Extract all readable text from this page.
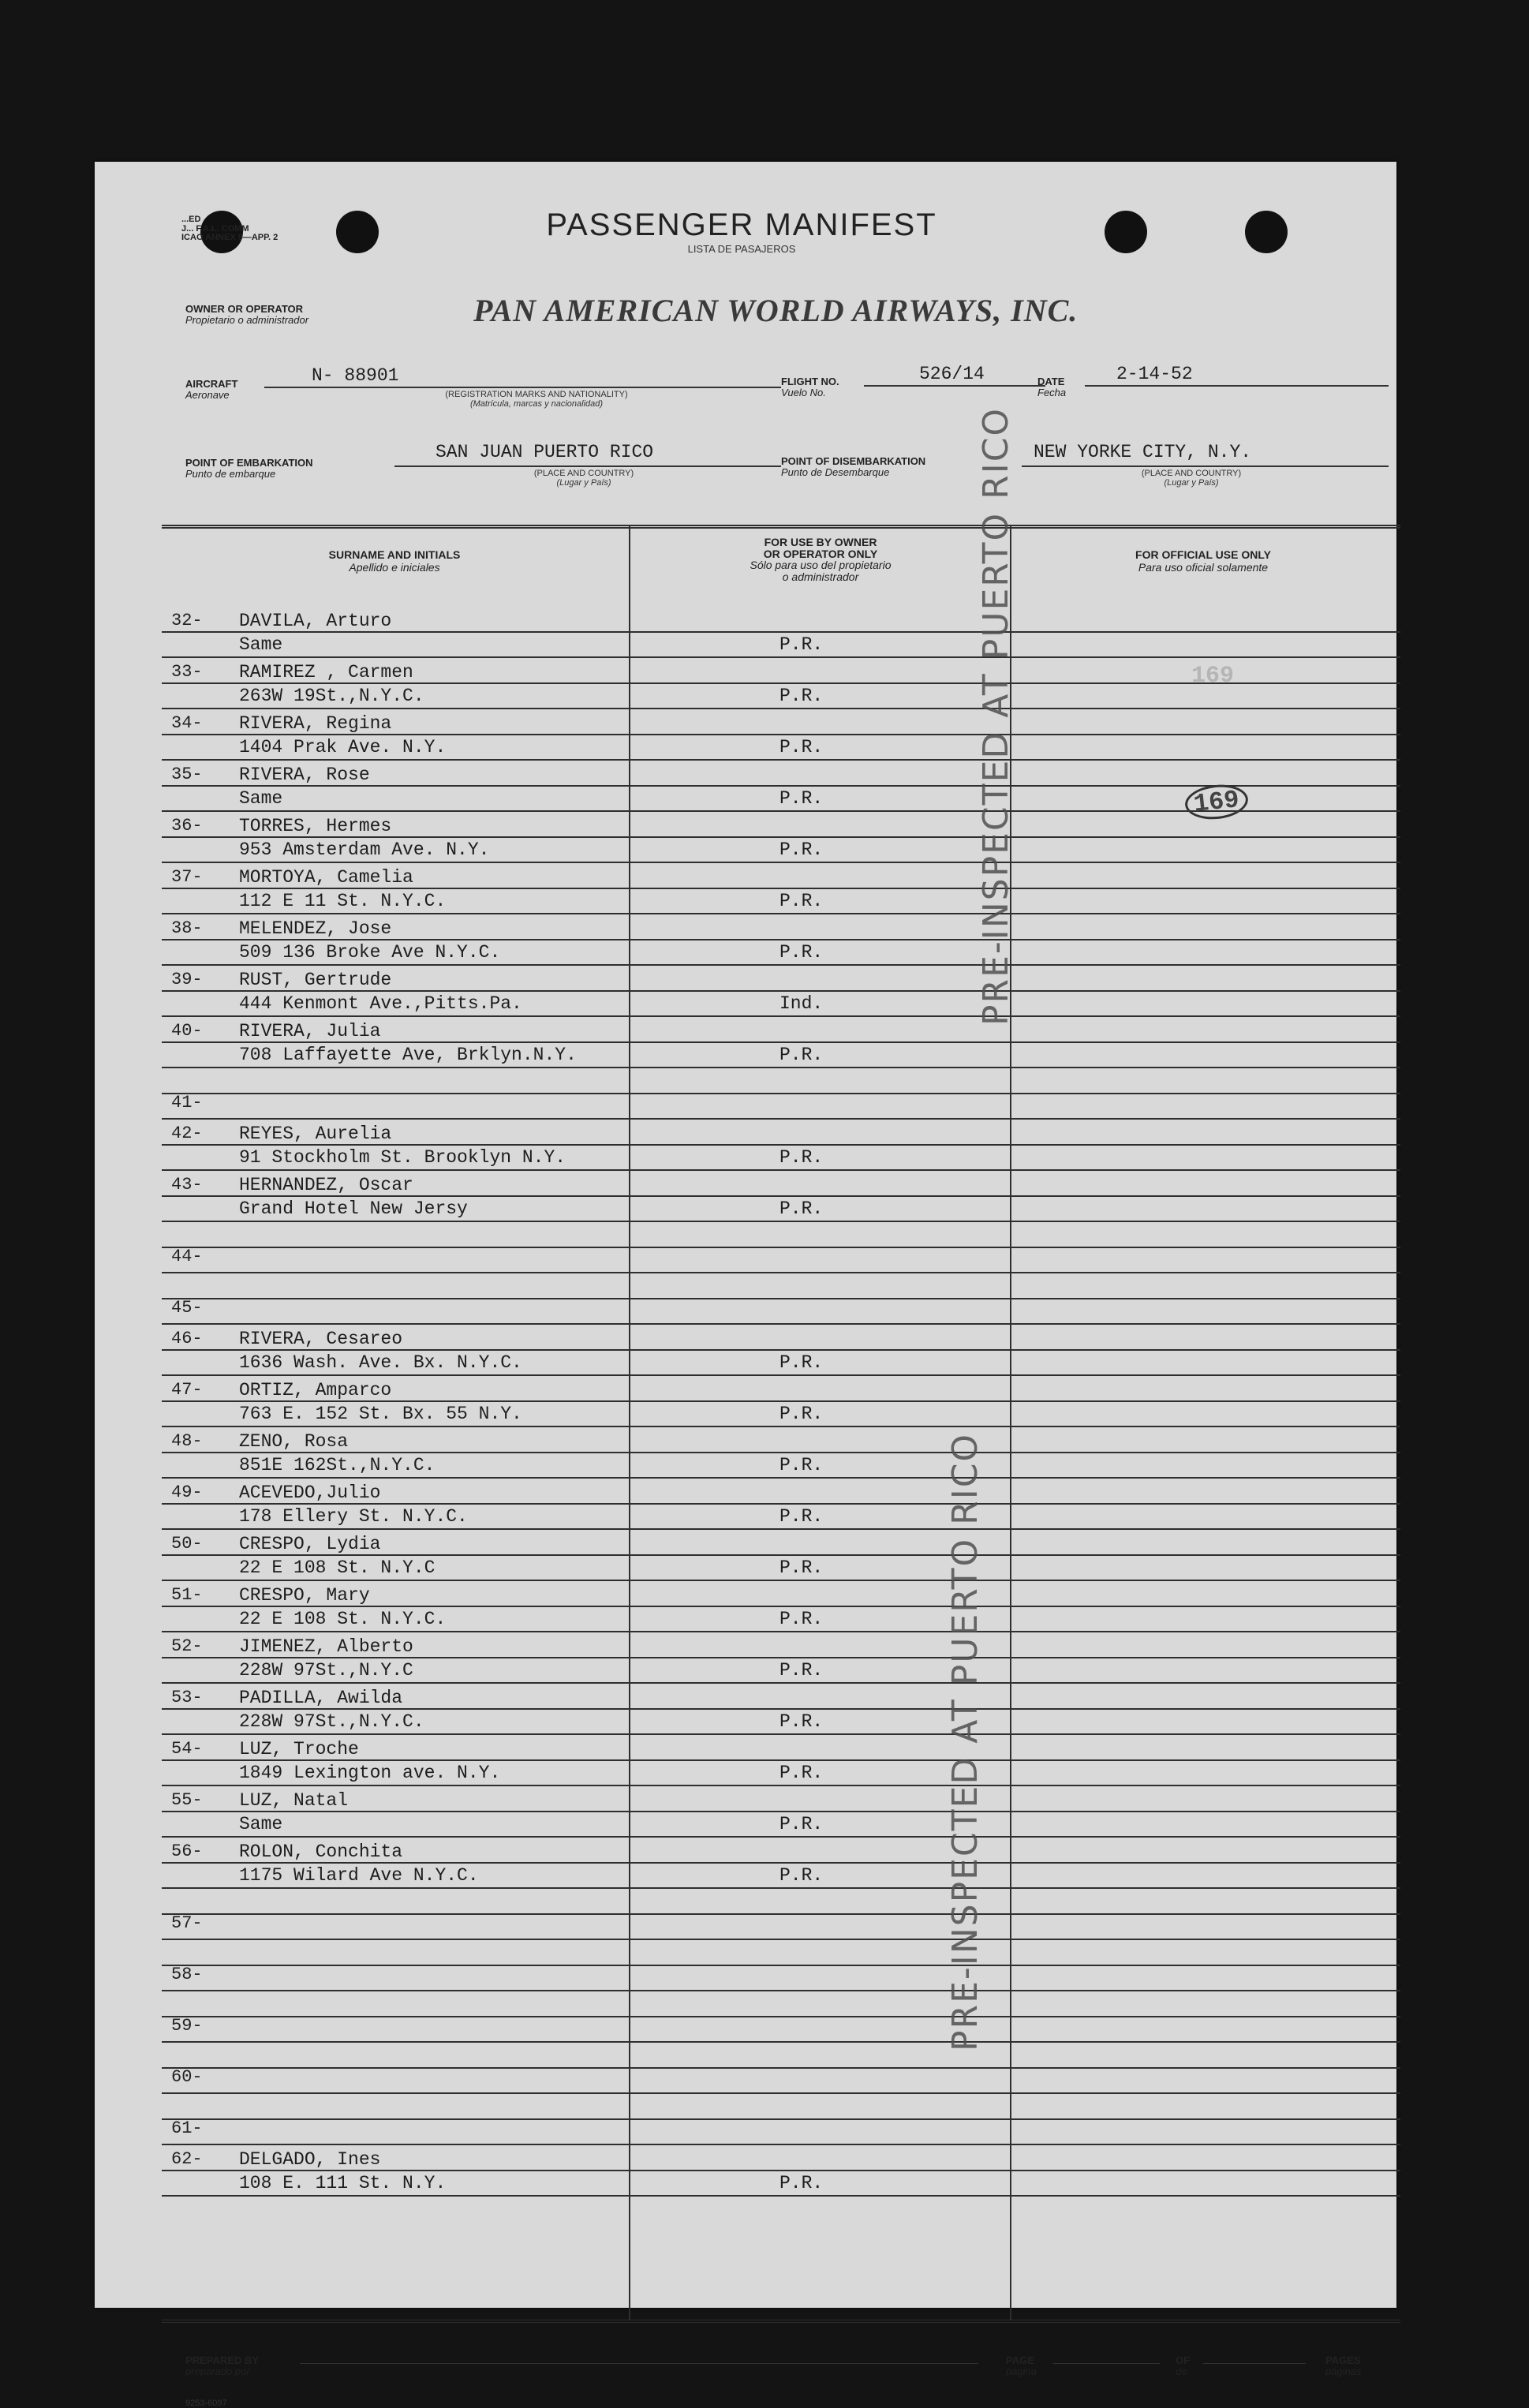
...ED
J... F.A.L. COMM
ICAO ANNEX 9—APP. 2	PASSENGER MANIFEST
LISTA DE PASAJEROS
OWNER OR OPERATOR
Propietario o administrador	PAN AMERICAN WORLD AIRWAYS, INC.
AIRCRAFT
Aeronave
N- 88901
(REGISTRATION MARKS AND NATIONALITY)
(Matrícula, marcas y nacionalidad)
FLIGHT NO.
Vuelo No.
526/14	DATE
Fecha
2-14-52
POINT OF EMBARKATION
Punto de embarque
SAN JUAN PUERTO RICO
(PLACE AND COUNTRY)
(Lugar y País)
POINT OF DISEMBARKATION
Punto de Desembarque
NEW YORKE CITY, N.Y.
(PLACE AND COUNTRY)
(Lugar y País)
SURNAME AND INITIALS
Apellido e iniciales
FOR USE BY OWNER
OR OPERATOR ONLY
Sólo para uso del propietario
o administrador
FOR OFFICIAL USE ONLY
Para uso oficial solamente
32- DAVILA, Arturo
Same	P.R.
33- RAMIREZ , Carmen
263W 19St.,N.Y.C.	P.R.
34- RIVERA, Regina
1404 Prak Ave. N.Y.	P.R.
35- RIVERA, Rose
Same	P.R.
36- TORRES, Hermes
953 Amsterdam Ave. N.Y.	P.R.
37- MORTOYA, Camelia
112 E 11 St. N.Y.C.	P.R.
38- MELENDEZ, Jose
509 136 Broke Ave N.Y.C.	P.R.
39- RUST, Gertrude
444 Kenmont Ave.,Pitts.Pa.	Ind.
40- RIVERA, Julia
708 Laffayette Ave, Brklyn.N.Y.	P.R.
41-
42- REYES, Aurelia
91 Stockholm St. Brooklyn N.Y.	P.R.
43- HERNANDEZ, Oscar
Grand Hotel New Jersy	P.R.
44-
45-
46- RIVERA, Cesareo
1636 Wash. Ave. Bx. N.Y.C.	P.R.
47- ORTIZ, Amparco
763 E. 152 St. Bx. 55 N.Y.	P.R.
48- ZENO, Rosa
851E 162St.,N.Y.C.	P.R.
49- ACEVEDO,Julio
178 Ellery St. N.Y.C.	P.R.
50- CRESPO, Lydia
22 E 108 St. N.Y.C	P.R.
51- CRESPO, Mary
22 E 108 St. N.Y.C.	P.R.
52- JIMENEZ, Alberto
228W 97St.,N.Y.C	P.R.
53- PADILLA, Awilda
228W 97St.,N.Y.C.	P.R.
54- LUZ, Troche
1849 Lexington ave. N.Y.	P.R.
55- LUZ, Natal
Same	P.R.
56- ROLON, Conchita
1175 Wilard Ave N.Y.C.	P.R.
57-
58-
59-
60-
61-
62- DELGADO, Ines
108 E. 111 St. N.Y.	P.R.
169
169
PRE-INSPECTED AT PUERTO RICO
PRE-INSPECTED AT PUERTO RICO
PREPARED BY
preparado por
PAGE
página
OF
de
PAGES
páginas
9253-6097
